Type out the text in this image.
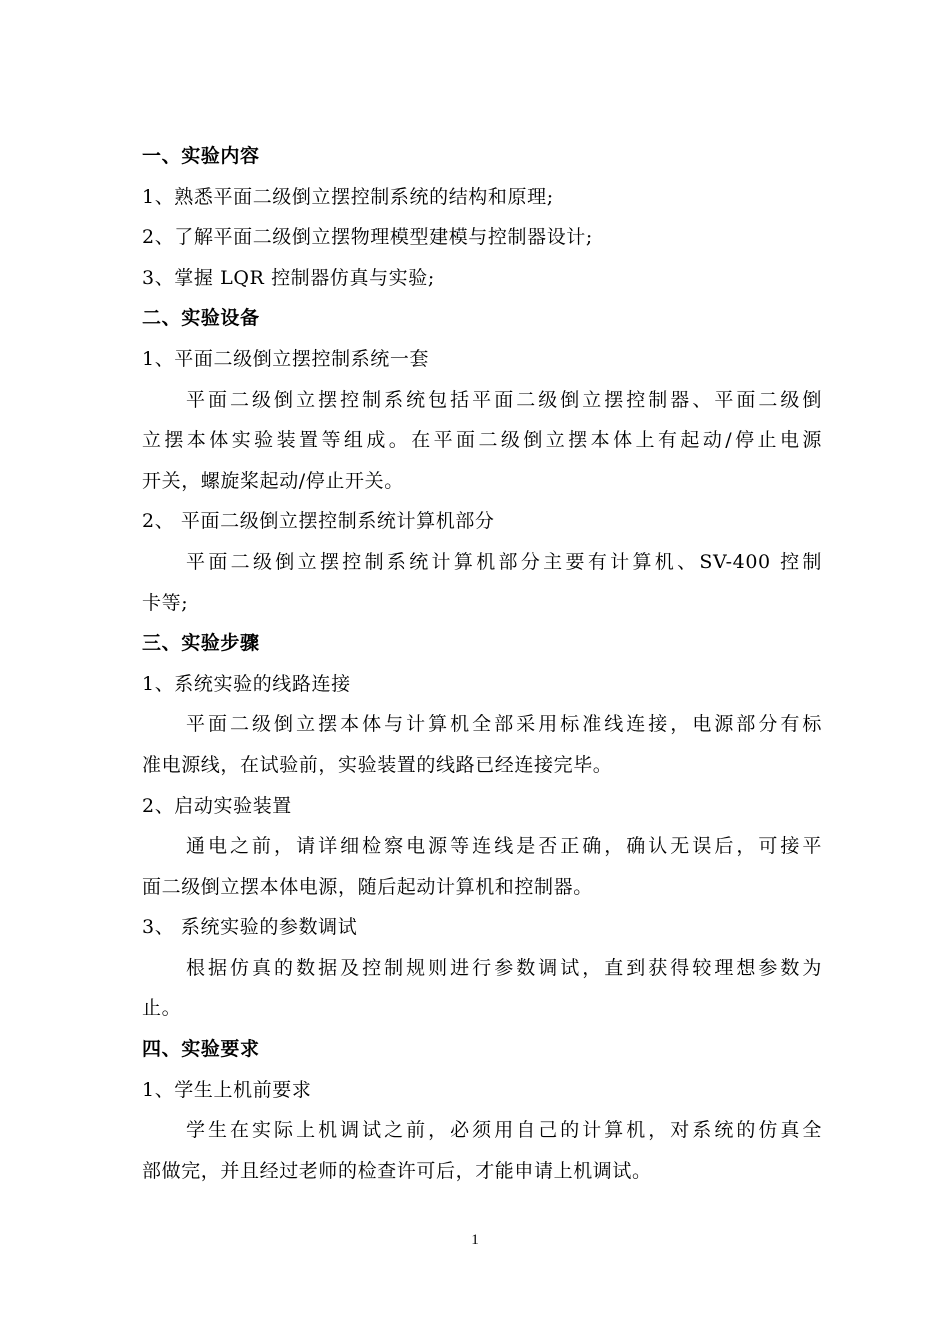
一、实验内容
1、熟悉平面二级倒立摆控制系统的结构和原理;
2、了解平面二级倒立摆物理模型建模与控制器设计;
3、掌握 LQR 控制器仿真与实验;
二、实验设备
1、平面二级倒立摆控制系统一套
平面二级倒立摆控制系统包括平面二级倒立摆控制器、平面二级倒
立摆本体实验装置等组成。在平面二级倒立摆本体上有起动/停止电源
开关，螺旋桨起动/停止开关。
2、 平面二级倒立摆控制系统计算机部分
平面二级倒立摆控制系统计算机部分主要有计算机、SV-400 控制
卡等;
三、实验步骤
1、系统实验的线路连接
平面二级倒立摆本体与计算机全部采用标准线连接，电源部分有标
准电源线，在试验前，实验装置的线路已经连接完毕。
2、启动实验装置
通电之前，请详细检察电源等连线是否正确，确认无误后，可接平
面二级倒立摆本体电源，随后起动计算机和控制器。
3、 系统实验的参数调试
根据仿真的数据及控制规则进行参数调试，直到获得较理想参数为
止。
四、实验要求
1、学生上机前要求
学生在实际上机调试之前，必须用自己的计算机，对系统的仿真全
部做完，并且经过老师的检查许可后，才能申请上机调试。
1
